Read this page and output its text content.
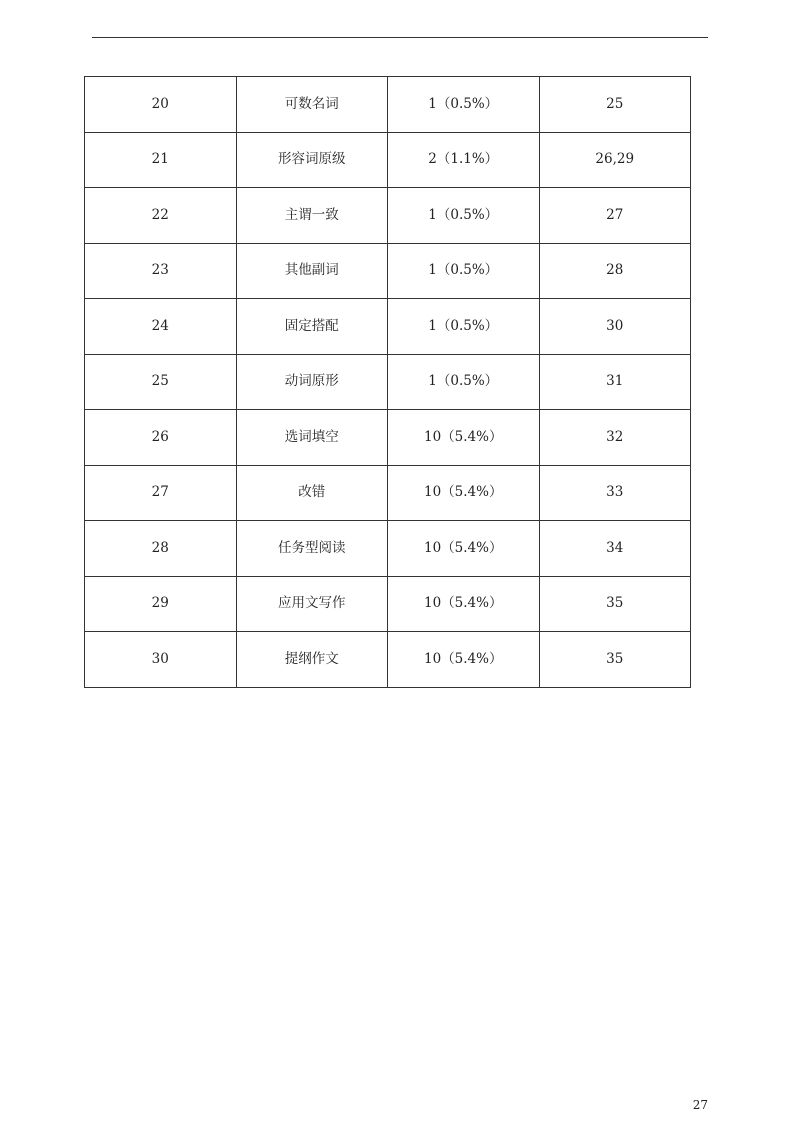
20	可数名词	1（0.5%）	25
21	形容词原级	2（1.1%）	26,29
22	主谓一致	1（0.5%）	27
23	其他副词	1（0.5%）	28
24	固定搭配	1（0.5%）	30
25	动词原形	1（0.5%）	31
26	选词填空	10（5.4%）	32
27	改错	10（5.4%）	33
28	任务型阅读	10（5.4%）	34
29	应用文写作	10（5.4%）	35
30	提纲作文	10（5.4%）	35
27
